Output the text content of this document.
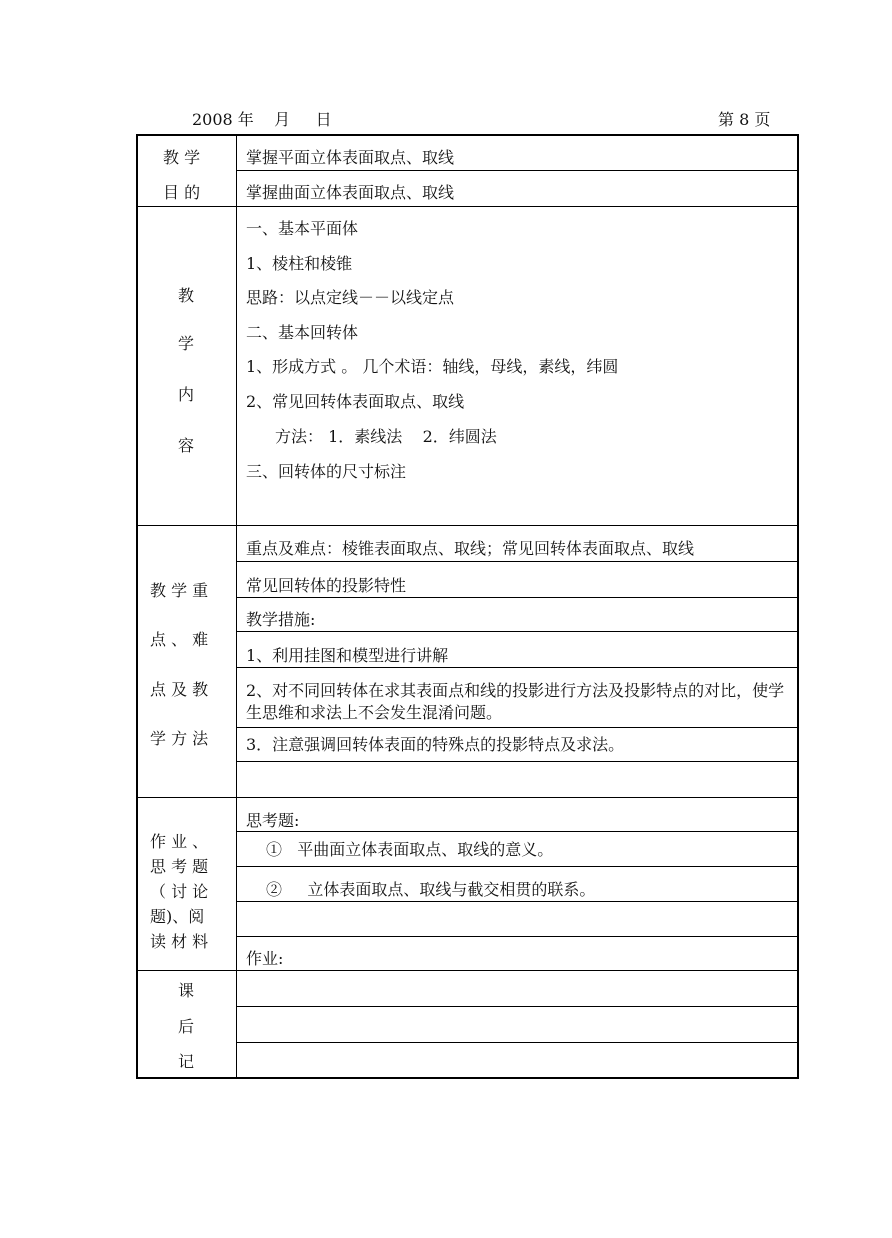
2008 年    月     日	第 8 页
教 学
目 的
掌握平面立体表面取点、取线
掌握曲面立体表面取点、取线
教
学
内
容
一、基本平面体
1、棱柱和棱锥
思路：以点定线－－以线定点
二、基本回转体
1、形成方式 。 几个术语：轴线，母线，素线，纬圆
2、常见回转体表面取点、取线
方法： 1．素线法    2．纬圆法
三、回转体的尺寸标注
教 学 重
点 、 难
点 及 教
学 方 法
重点及难点：棱锥表面取点、取线；常见回转体表面取点、取线
常见回转体的投影特性
教学措施:
1、利用挂图和模型进行讲解
2、对不同回转体在求其表面点和线的投影进行方法及投影特点的对比，使学生思维和求法上不会发生混淆问题。
3．注意强调回转体表面的特殊点的投影特点及求法。
作 业 、
思 考 题
（ 讨 论
题)、阅
读 材 料
思考题:
①   平曲面立体表面取点、取线的意义。
②     立体表面取点、取线与截交相贯的联系。
作业:
课
后
记
